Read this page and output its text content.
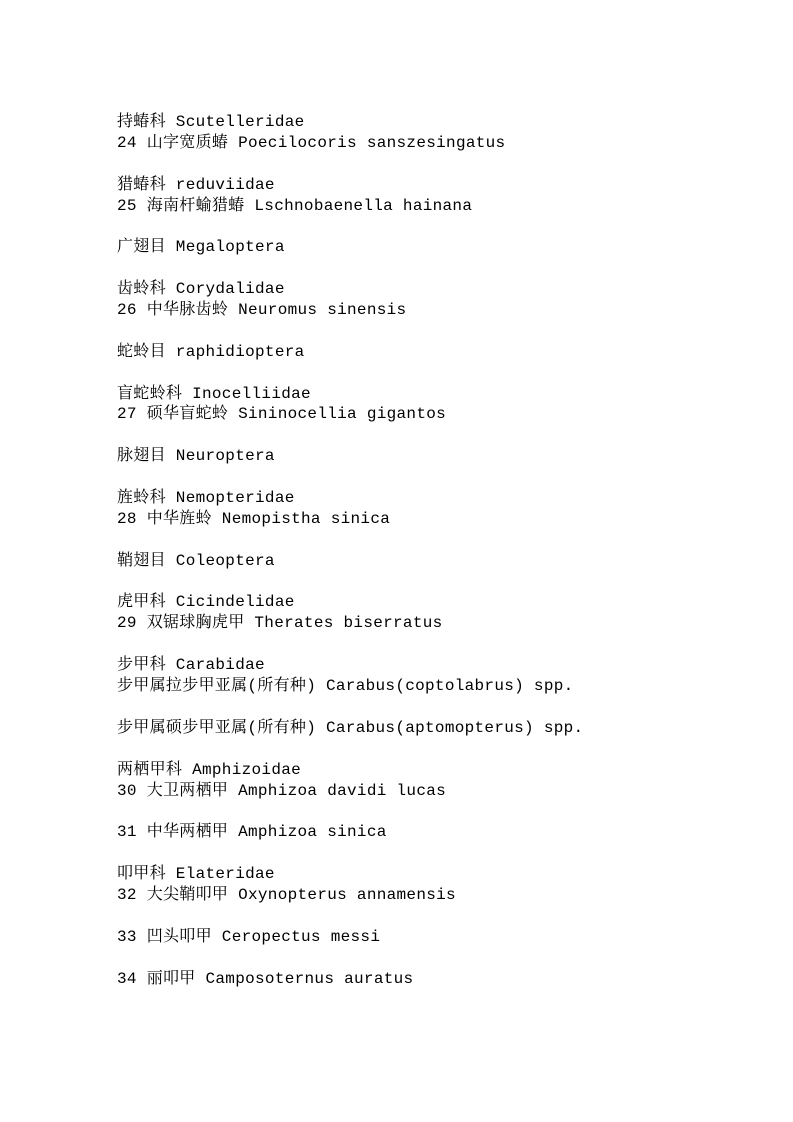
持蝽科 Scutelleridae
24 山字宽质蝽 Poecilocoris sanszesingatus

猎蝽科 reduviidae
25 海南杆蝓猎蝽 Lschnobaenella hainana

广翅目 Megaloptera

齿蛉科 Corydalidae
26 中华脉齿蛉 Neuromus sinensis

蛇蛉目 raphidioptera

盲蛇蛉科 Inocelliidae
27 硕华盲蛇蛉 Sininocellia gigantos

脉翅目 Neuroptera

旌蛉科 Nemopteridae
28 中华旌蛉 Nemopistha sinica

鞘翅目 Coleoptera

虎甲科 Cicindelidae
29 双锯球胸虎甲 Therates biserratus

步甲科 Carabidae
步甲属拉步甲亚属(所有种) Carabus(coptolabrus) spp.

步甲属硕步甲亚属(所有种) Carabus(aptomopterus) spp.

两栖甲科 Amphizoidae
30 大卫两栖甲 Amphizoa davidi lucas

31 中华两栖甲 Amphizoa sinica

叩甲科 Elateridae
32 大尖鞘叩甲 Oxynopterus annamensis

33 凹头叩甲 Ceropectus messi

34 丽叩甲 Camposoternus auratus
